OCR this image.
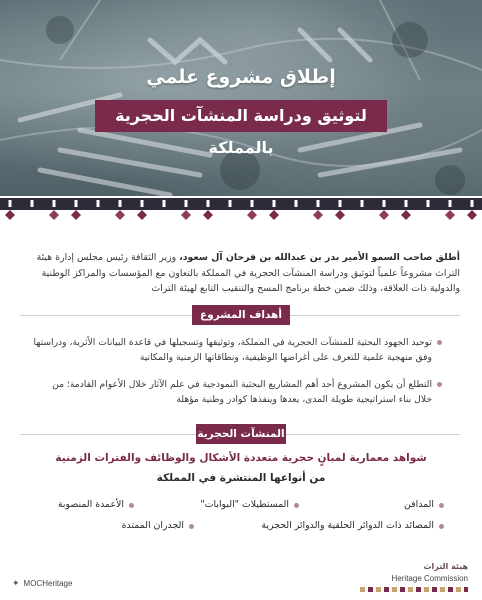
إطلاق مشروع علمي
لتوثيق ودراسة المنشآت الحجرية بالمملكة

أطلق صاحب السمو الأمير بدر بن عبدالله بن فرحان آل سعود، وزير الثقافة رئيس مجلس إدارة هيئة التراث مشروعاً علمياً لتوثيق ودراسة المنشآت الحجرية في المملكة بالتعاون مع المؤسسات والمراكز الوطنية والدولية ذات العلاقة، وذلك ضمن خطة برنامج المسح والتنقيب التابع لهيئة التراث

أهداف المشروع
توحيد الجهود البحثية للمنشآت الحجرية في المملكة، وتوثيقها وتسجيلها في قاعدة البيانات الأثرية، ودراستها وفق منهجية علمية للتعرف على أغراضها الوظيفية، ونطاقاتها الزمنية والمكانية
التطلع أن يكون المشروع أحد أهم المشاريع البحثية النموذجية في علم الآثار خلال الأعوام القادمة؛ من خلال بناء استراتيجية طويلة المدى، يعدها وينفذها كوادر وطنية مؤهلة
المنشآت الحجرية
شواهد معمارية لمبانٍ حجرية متعددة الأشكال والوظائف والفترات الزمنية
من أنواعها المنتشرة في المملكة
المدافن
المستطيلات "البوابات"
الأعمدة المنصوبة
المصائد ذات الدوائر الحلقية والدوائر الحجرية
الجدران الممتدة
✦ MOCHeritage
هيئة التراث
Heritage Commission
